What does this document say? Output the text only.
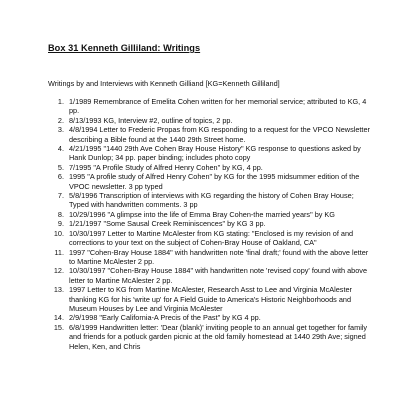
Box 31 Kenneth Gilliland: Writings

Writings by and Interviews with Kenneth Gilliand [KG=Kenneth Gilliland]

1. 1/1989 Remembrance of Emelita Cohen written for her memorial service; attributed to KG, 4 pp.
2. 8/13/1993 KG, Interview #2, outline of topics, 2 pp.
3. 4/8/1994 Letter to Frederic Propas from KG responding to a request for the VPCO Newsletter describing a Bible found at the 1440 29th Street home.
4. 4/21/1995 "1440 29th Ave Cohen Bray House History" KG response to questions asked by Hank Dunlop; 34 pp. paper binding; includes photo copy
5. 7/1995 "A Profile Study of Alfred Henry Cohen" by KG, 4 pp.
6. 1995 "A profile study of Alfred Henry Cohen" by KG for the 1995 midsummer edition of the VPOC newsletter. 3 pp typed
7. 5/8/1996 Transcription of interviews with KG regarding the history of Cohen Bray House; Typed with handwritten comments. 3 pp
8. 10/29/1996 "A glimpse into the life of Emma Bray Cohen-the married years" by KG
9. 1/21/1997 "Some Sausal Creek Reminiscences" by KG 3 pp.
10. 10/30/1997 Letter to Martine McAlester from KG stating: "Enclosed is my revision of and corrections to your text on the subject of Cohen-Bray House of Oakland, CA"
11. 1997 "Cohen-Bray House 1884" with handwritten note 'final draft;' found with the above letter to Martine McAlester 2 pp.
12. 10/30/1997 "Cohen-Bray House 1884" with handwritten note 'revised copy' found with above letter to Martine McAlester 2 pp.
13. 1997 Letter to KG from Martine McAlester, Research Asst to Lee and Virginia McAlester thanking KG for his 'write up' for A Field Guide to America's Historic Neighborhoods and Museum Houses by Lee and Virginia McAlester
14. 2/9/1998 "Early California-A Precis of the Past" by KG 4 pp.
15. 6/8/1999 Handwritten letter: 'Dear (blank)' inviting people to an annual get together for family and friends for a potluck garden picnic at the old family homestead at 1440 29th Ave; signed Helen, Ken, and Chris
